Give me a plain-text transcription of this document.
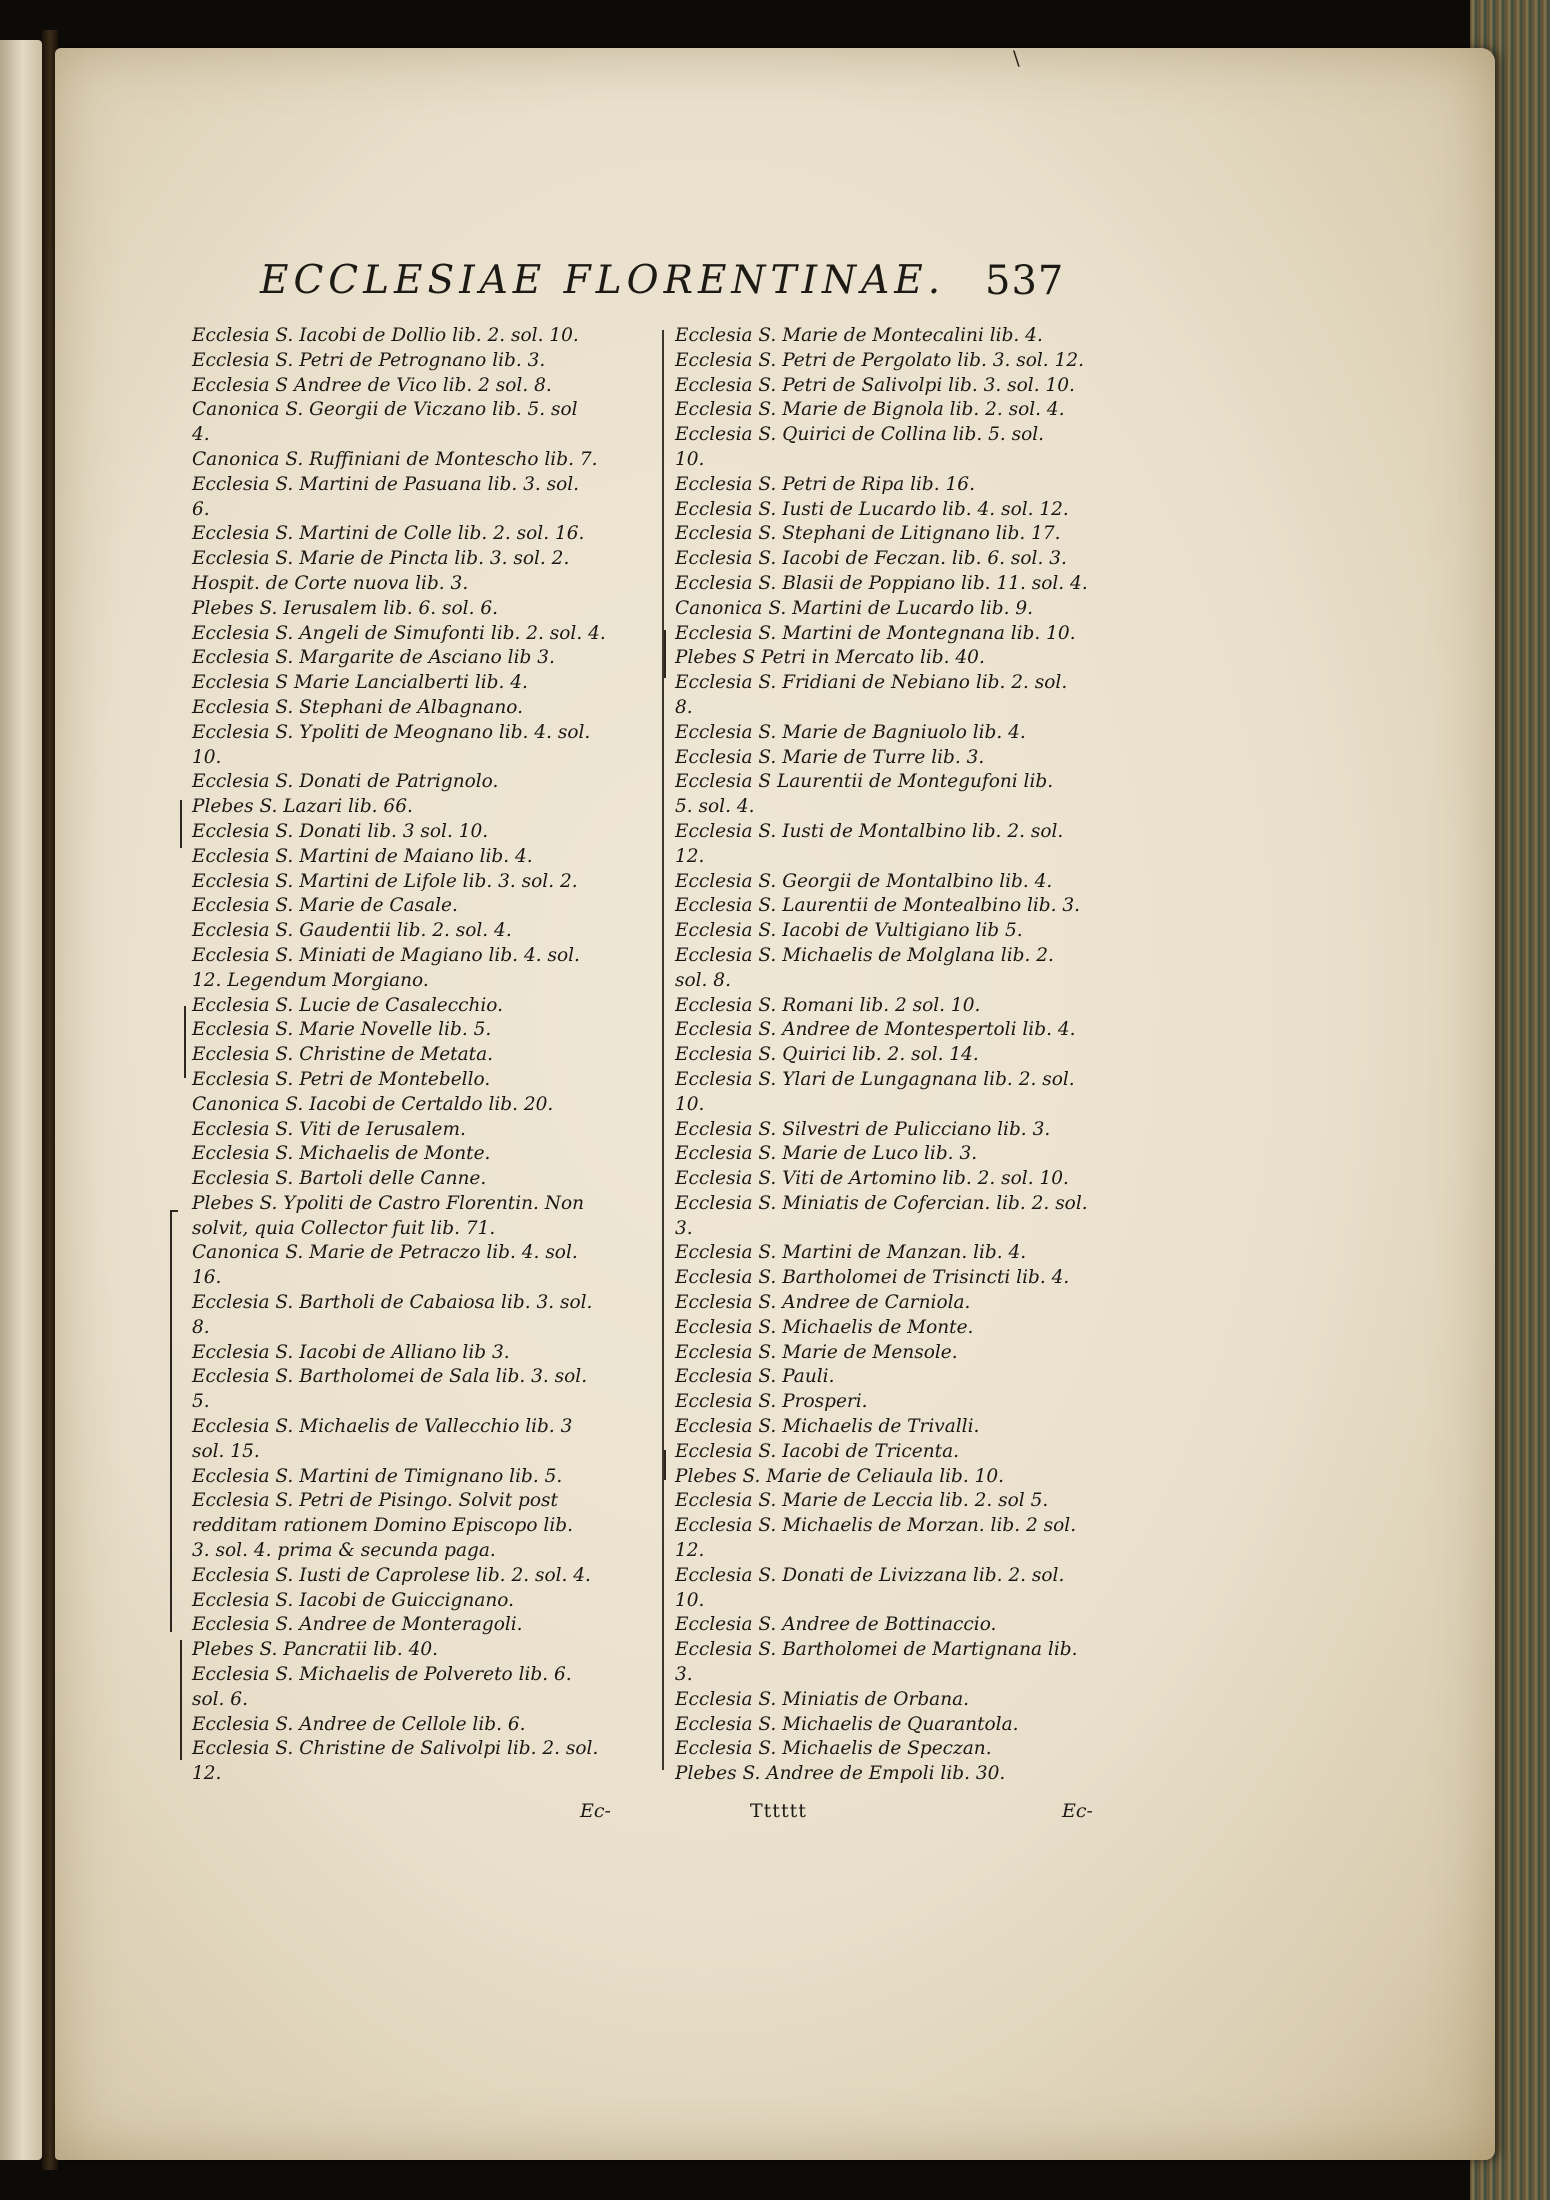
\
ECCLESIAE FLORENTINAE. 537
Ecclesia S. Iacobi de Dollio lib. 2. sol. 10.
Ecclesia S. Petri de Petrognano lib. 3.
Ecclesia S Andree de Vico lib. 2 sol. 8.
Canonica S. Georgii de Viczano lib. 5. sol
4.
Canonica S. Ruffiniani de Montescho lib. 7.
Ecclesia S. Martini de Pasuana lib. 3. sol.
6.
Ecclesia S. Martini de Colle lib. 2. sol. 16.
Ecclesia S. Marie de Pincta lib. 3. sol. 2.
Hospit. de Corte nuova lib. 3.
Plebes S. Ierusalem lib. 6. sol. 6.
Ecclesia S. Angeli de Simufonti lib. 2. sol. 4.
Ecclesia S. Margarite de Asciano lib 3.
Ecclesia S Marie Lancialberti lib. 4.
Ecclesia S. Stephani de Albagnano.
Ecclesia S. Ypoliti de Meognano lib. 4. sol.
10.
Ecclesia S. Donati de Patrignolo.
Plebes S. Lazari lib. 66.
Ecclesia S. Donati lib. 3 sol. 10.
Ecclesia S. Martini de Maiano lib. 4.
Ecclesia S. Martini de Lifole lib. 3. sol. 2.
Ecclesia S. Marie de Casale.
Ecclesia S. Gaudentii lib. 2. sol. 4.
Ecclesia S. Miniati de Magiano lib. 4. sol.
12. Legendum Morgiano.
Ecclesia S. Lucie de Casalecchio.
Ecclesia S. Marie Novelle lib. 5.
Ecclesia S. Christine de Metata.
Ecclesia S. Petri de Montebello.
Canonica S. Iacobi de Certaldo lib. 20.
Ecclesia S. Viti de Ierusalem.
Ecclesia S. Michaelis de Monte.
Ecclesia S. Bartoli delle Canne.
Plebes S. Ypoliti de Castro Florentin. Non
solvit, quia Collector fuit lib. 71.
Canonica S. Marie de Petraczo lib. 4. sol.
16.
Ecclesia S. Bartholi de Cabaiosa lib. 3. sol.
8.
Ecclesia S. Iacobi de Alliano lib 3.
Ecclesia S. Bartholomei de Sala lib. 3. sol.
5.
Ecclesia S. Michaelis de Vallecchio lib. 3
sol. 15.
Ecclesia S. Martini de Timignano lib. 5.
Ecclesia S. Petri de Pisingo. Solvit post
redditam rationem Domino Episcopo lib.
3. sol. 4. prima & secunda paga.
Ecclesia S. Iusti de Caprolese lib. 2. sol. 4.
Ecclesia S. Iacobi de Guiccignano.
Ecclesia S. Andree de Monteragoli.
Plebes S. Pancratii lib. 40.
Ecclesia S. Michaelis de Polvereto lib. 6.
sol. 6.
Ecclesia S. Andree de Cellole lib. 6.
Ecclesia S. Christine de Salivolpi lib. 2. sol.
12.
Ecclesia S. Marie de Montecalini lib. 4.
Ecclesia S. Petri de Pergolato lib. 3. sol. 12.
Ecclesia S. Petri de Salivolpi lib. 3. sol. 10.
Ecclesia S. Marie de Bignola lib. 2. sol. 4.
Ecclesia S. Quirici de Collina lib. 5. sol.
10.
Ecclesia S. Petri de Ripa lib. 16.
Ecclesia S. Iusti de Lucardo lib. 4. sol. 12.
Ecclesia S. Stephani de Litignano lib. 17.
Ecclesia S. Iacobi de Feczan. lib. 6. sol. 3.
Ecclesia S. Blasii de Poppiano lib. 11. sol. 4.
Canonica S. Martini de Lucardo lib. 9.
Ecclesia S. Martini de Montegnana lib. 10.
Plebes S Petri in Mercato lib. 40.
Ecclesia S. Fridiani de Nebiano lib. 2. sol.
8.
Ecclesia S. Marie de Bagniuolo lib. 4.
Ecclesia S. Marie de Turre lib. 3.
Ecclesia S Laurentii de Montegufoni lib.
5. sol. 4.
Ecclesia S. Iusti de Montalbino lib. 2. sol.
12.
Ecclesia S. Georgii de Montalbino lib. 4.
Ecclesia S. Laurentii de Montealbino lib. 3.
Ecclesia S. Iacobi de Vultigiano lib 5.
Ecclesia S. Michaelis de Molglana lib. 2.
sol. 8.
Ecclesia S. Romani lib. 2 sol. 10.
Ecclesia S. Andree de Montespertoli lib. 4.
Ecclesia S. Quirici lib. 2. sol. 14.
Ecclesia S. Ylari de Lungagnana lib. 2. sol.
10.
Ecclesia S. Silvestri de Pulicciano lib. 3.
Ecclesia S. Marie de Luco lib. 3.
Ecclesia S. Viti de Artomino lib. 2. sol. 10.
Ecclesia S. Miniatis de Cofercian. lib. 2. sol.
3.
Ecclesia S. Martini de Manzan. lib. 4.
Ecclesia S. Bartholomei de Trisincti lib. 4.
Ecclesia S. Andree de Carniola.
Ecclesia S. Michaelis de Monte.
Ecclesia S. Marie de Mensole.
Ecclesia S. Pauli.
Ecclesia S. Prosperi.
Ecclesia S. Michaelis de Trivalli.
Ecclesia S. Iacobi de Tricenta.
Plebes S. Marie de Celiaula lib. 10.
Ecclesia S. Marie de Leccia lib. 2. sol 5.
Ecclesia S. Michaelis de Morzan. lib. 2 sol.
12.
Ecclesia S. Donati de Livizzana lib. 2. sol.
10.
Ecclesia S. Andree de Bottinaccio.
Ecclesia S. Bartholomei de Martignana lib.
3.
Ecclesia S. Miniatis de Orbana.
Ecclesia S. Michaelis de Quarantola.
Ecclesia S. Michaelis de Speczan.
Plebes S. Andree de Empoli lib. 30.
Ec-	Tttttt	Ec-
